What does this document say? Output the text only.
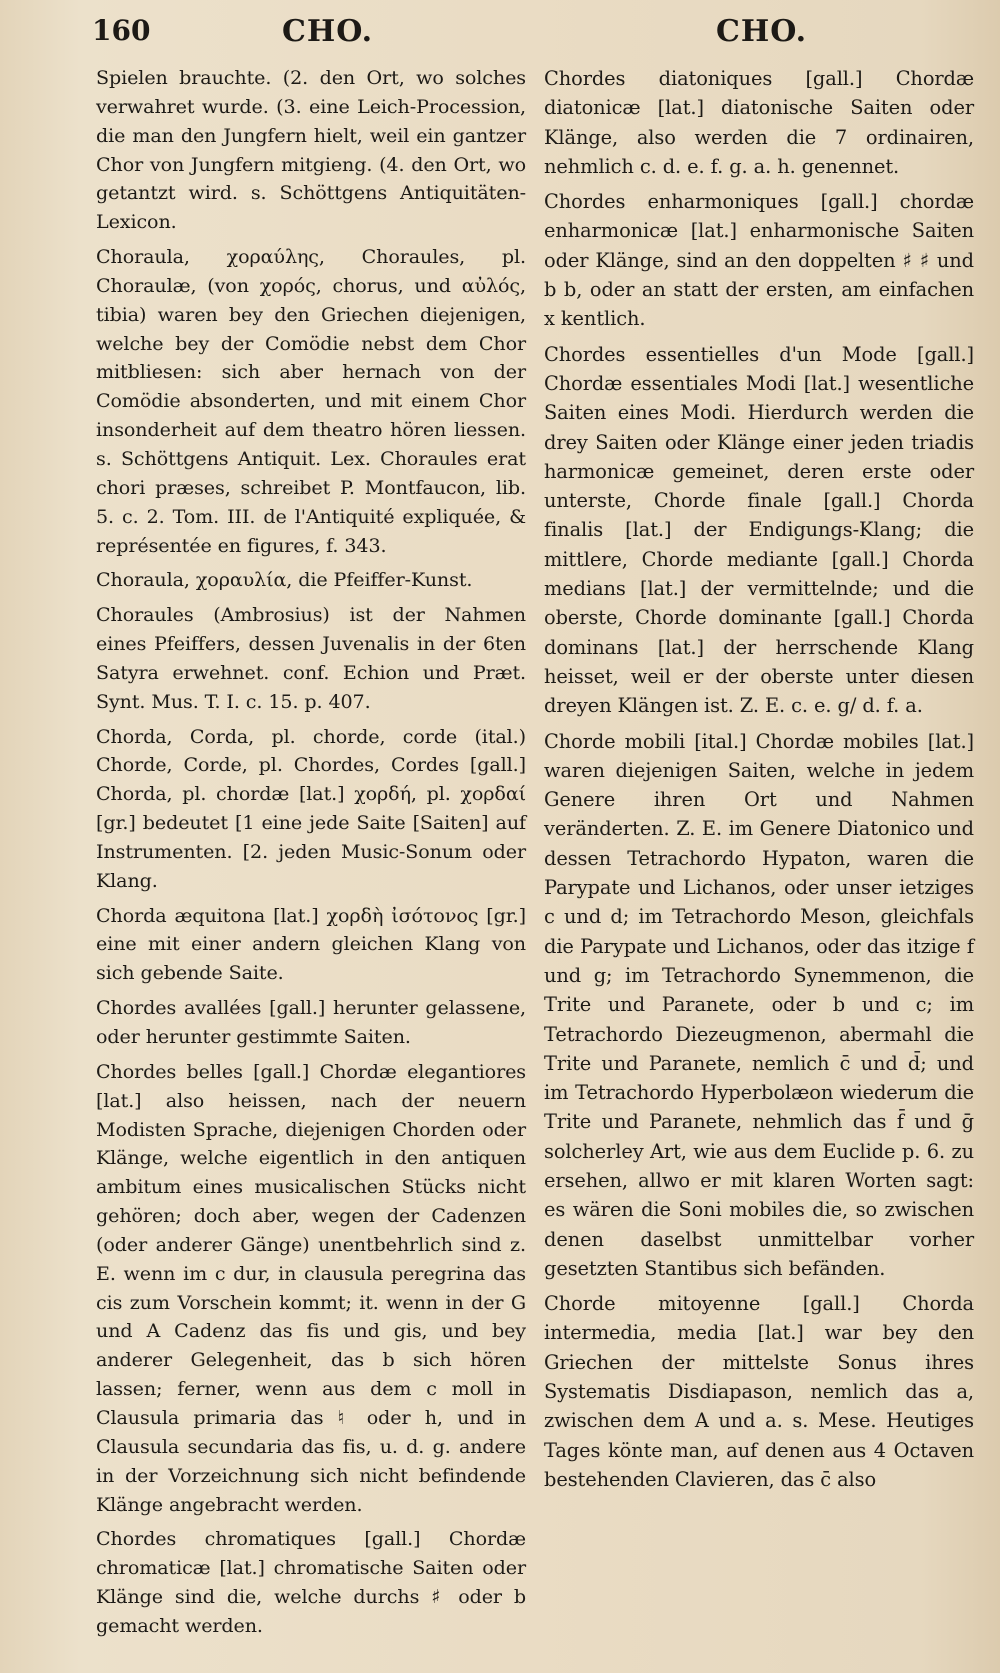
160	CHO.	CHO.

Spielen brauchte. (2. den Ort, wo solches verwahret wurde. (3. eine Leich-Procession, die man den Jungfern hielt, weil ein gantzer Chor von Jungfern mitgieng. (4. den Ort, wo getantzt wird. s. Schöttgens Antiquitäten-Lexicon.

Choraula, χοραύλης, Choraules, pl. Choraulæ, (von χορός, chorus, und αὐλός, tibia) waren bey den Griechen diejenigen, welche bey der Comödie nebst dem Chor mitbliesen: sich aber hernach von der Comödie absonderten, und mit einem Chor insonderheit auf dem theatro hören liessen. s. Schöttgens Antiquit. Lex. Choraules erat chori præses, schreibet P. Montfaucon, lib. 5. c. 2. Tom. III. de l'Antiquité expliquée, & représentée en figures, f. 343.

Choraula, χοραυλία, die Pfeiffer-Kunst.

Choraules (Ambrosius) ist der Nahmen eines Pfeiffers, dessen Juvenalis in der 6ten Satyra erwehnet. conf. Echion und Præt. Synt. Mus. T. I. c. 15. p. 407.

Chorda, Corda, pl. chorde, corde (ital.) Chorde, Corde, pl. Chordes, Cordes [gall.] Chorda, pl. chordæ [lat.] χορδή, pl. χορδαί [gr.] bedeutet [1 eine jede Saite [Saiten] auf Instrumenten. [2. jeden Music-Sonum oder Klang.

Chorda æquitona [lat.] χορδὴ ἰσότονος [gr.] eine mit einer andern gleichen Klang von sich gebende Saite.

Chordes avallées [gall.] herunter gelassene, oder herunter gestimmte Saiten.

Chordes belles [gall.] Chordæ elegantiores [lat.] also heissen, nach der neuern Modisten Sprache, diejenigen Chorden oder Klänge, welche eigentlich in den antiquen ambitum eines musicalischen Stücks nicht gehören; doch aber, wegen der Cadenzen (oder anderer Gänge) unentbehrlich sind z. E. wenn im c dur, in clausula peregrina das cis zum Vorschein kommt; it. wenn in der G und A Cadenz das fis und gis, und bey anderer Gelegenheit, das b sich hören lassen; ferner, wenn aus dem c moll in Clausula primaria das ♮ oder h, und in Clausula secundaria das fis, u. d. g. andere in der Vorzeichnung sich nicht befindende Klänge angebracht werden.

Chordes chromatiques [gall.] Chordæ chromaticæ [lat.] chromatische Saiten oder Klänge sind die, welche durchs ♯ oder b gemacht werden.

Chordes diatoniques [gall.] Chordæ diatonicæ [lat.] diatonische Saiten oder Klänge, also werden die 7 ordinairen, nehmlich c. d. e. f. g. a. h. genennet.

Chordes enharmoniques [gall.] chordæ enharmonicæ [lat.] enharmonische Saiten oder Klänge, sind an den doppelten ♯ ♯ und b b, oder an statt der ersten, am einfachen x kentlich.

Chordes essentielles d'un Mode [gall.] Chordæ essentiales Modi [lat.] wesentliche Saiten eines Modi. Hierdurch werden die drey Saiten oder Klänge einer jeden triadis harmonicæ gemeinet, deren erste oder unterste, Chorde finale [gall.] Chorda finalis [lat.] der Endigungs-Klang; die mittlere, Chorde mediante [gall.] Chorda medians [lat.] der vermittelnde; und die oberste, Chorde dominante [gall.] Chorda dominans [lat.] der herrschende Klang heisset, weil er der oberste unter diesen dreyen Klängen ist. Z. E. c. e. g/ d. f. a.

Chorde mobili [ital.] Chordæ mobiles [lat.] waren diejenigen Saiten, welche in jedem Genere ihren Ort und Nahmen veränderten. Z. E. im Genere Diatonico und dessen Tetrachordo Hypaton, waren die Parypate und Lichanos, oder unser ietziges c und d; im Tetrachordo Meson, gleichfals die Parypate und Lichanos, oder das itzige f und g; im Tetrachordo Synemmenon, die Trite und Paranete, oder b und c; im Tetrachordo Diezeugmenon, abermahl die Trite und Paranete, nemlich c̄ und d̄; und im Tetrachordo Hyperbolæon wiederum die Trite und Paranete, nehmlich das f̄ und ḡ solcherley Art, wie aus dem Euclide p. 6. zu ersehen, allwo er mit klaren Worten sagt: es wären die Soni mobiles die, so zwischen denen daselbst unmittelbar vorher gesetzten Stantibus sich befänden.

Chorde mitoyenne [gall.] Chorda intermedia, media [lat.] war bey den Griechen der mittelste Sonus ihres Systematis Disdiapason, nemlich das a, zwischen dem A und a. s. Mese. Heutiges Tages könte man, auf denen aus 4 Octaven bestehenden Clavieren, das c̄ also
